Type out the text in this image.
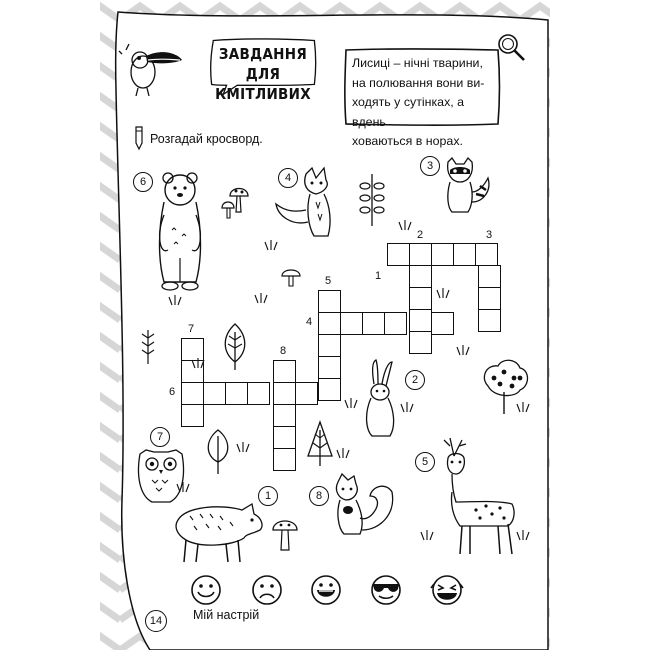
ЗАВДАННЯ
ДЛЯ КМІТЛИВИХ
Лисиці – нічні тварини,
на полювання вони ви-
ходять у сутінках, а вдень
ховаються в норах.
Розгадай кросворд.
1
2	3
4
5
6
7
8
6	4
3
2
7
1	8
5
Мій настрій
14
